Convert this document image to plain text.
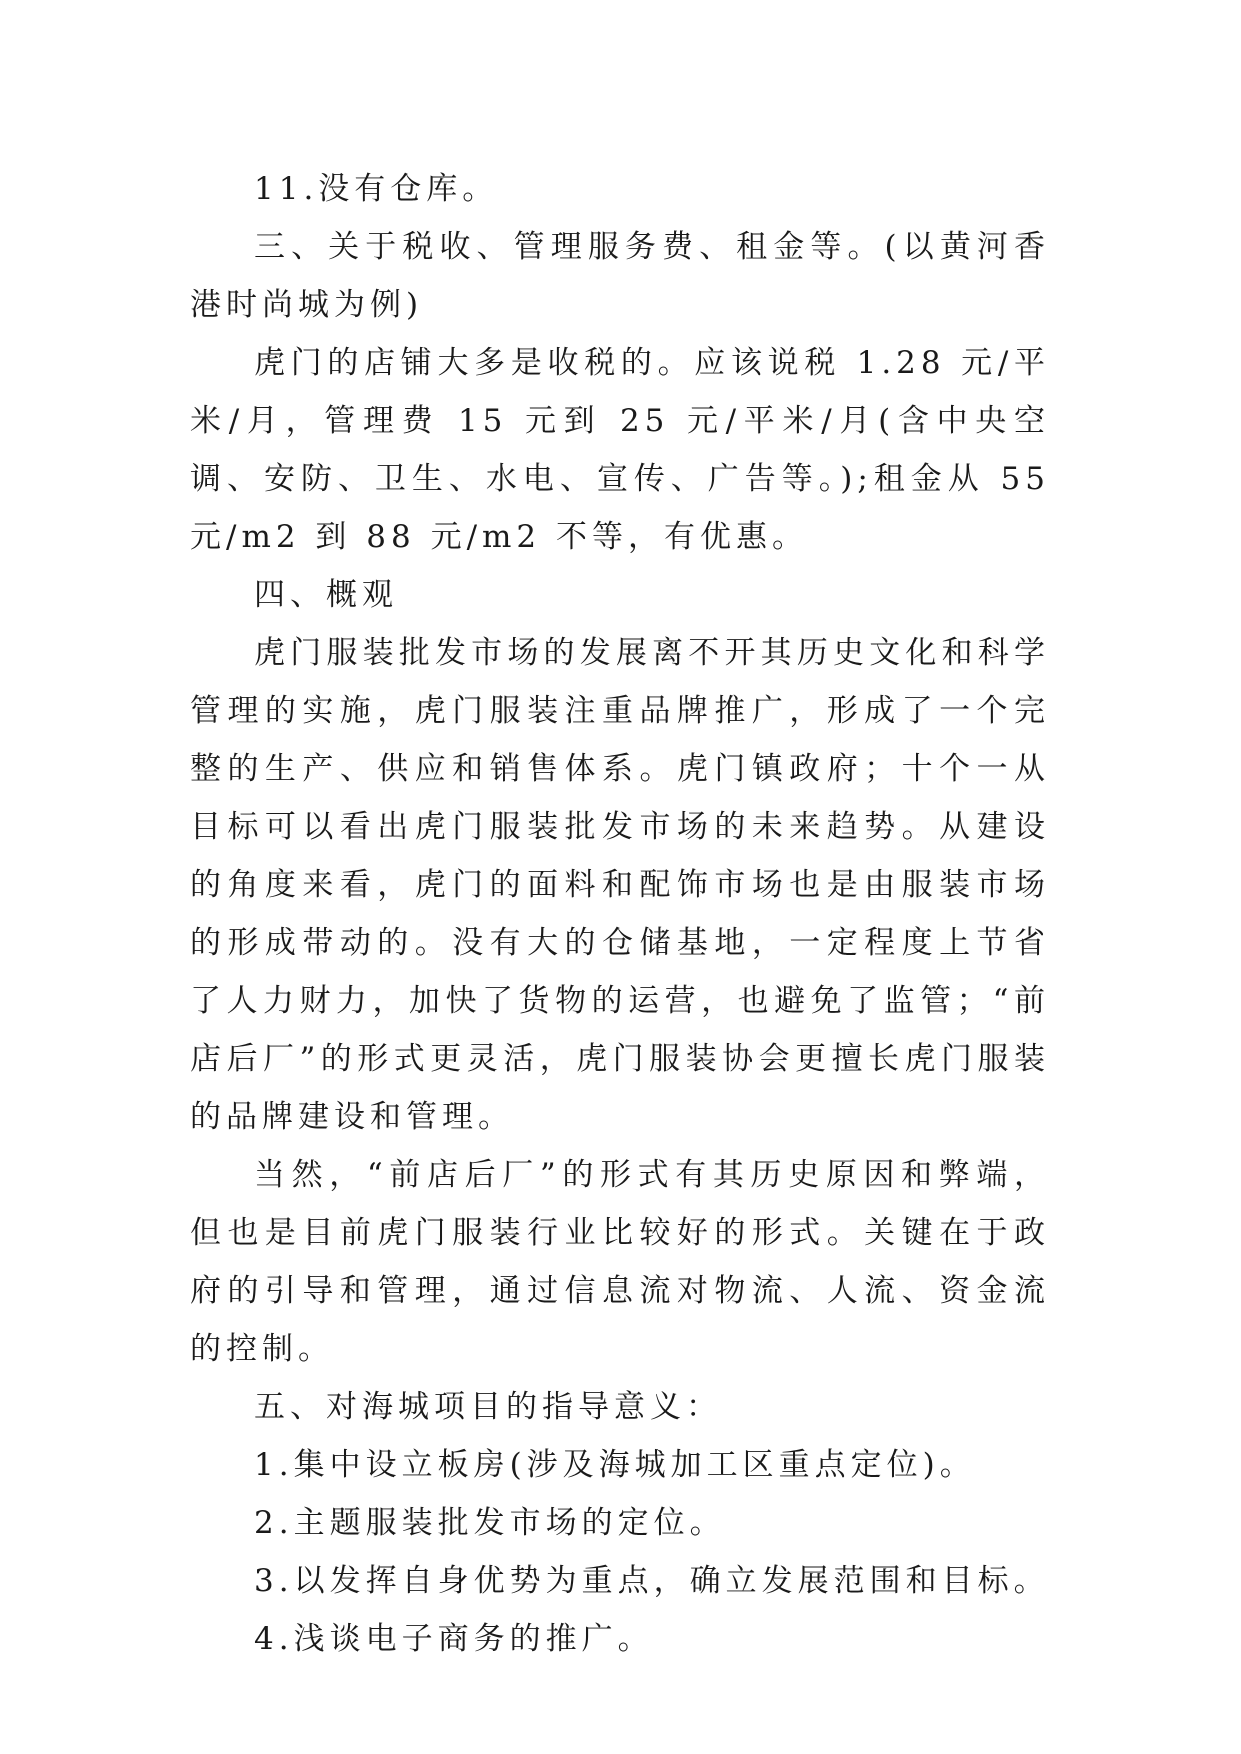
11.没有仓库。

三、关于税收、管理服务费、租金等。(以黄河香港时尚城为例)

虎门的店铺大多是收税的。应该说税 1.28 元/平米/月，管理费 15 元到 25 元/平米/月(含中央空调、安防、卫生、水电、宣传、广告等。);租金从 55 元/m2 到 88 元/m2 不等，有优惠。

四、概观

虎门服装批发市场的发展离不开其历史文化和科学管理的实施，虎门服装注重品牌推广，形成了一个完整的生产、供应和销售体系。虎门镇政府；十个一从目标可以看出虎门服装批发市场的未来趋势。从建设的角度来看，虎门的面料和配饰市场也是由服装市场的形成带动的。没有大的仓储基地，一定程度上节省了人力财力，加快了货物的运营，也避免了监管；“前店后厂”的形式更灵活，虎门服装协会更擅长虎门服装的品牌建设和管理。

当然，“前店后厂”的形式有其历史原因和弊端，但也是目前虎门服装行业比较好的形式。关键在于政府的引导和管理，通过信息流对物流、人流、资金流的控制。

五、对海城项目的指导意义：

1.集中设立板房(涉及海城加工区重点定位)。

2.主题服装批发市场的定位。

3.以发挥自身优势为重点，确立发展范围和目标。

4.浅谈电子商务的推广。
